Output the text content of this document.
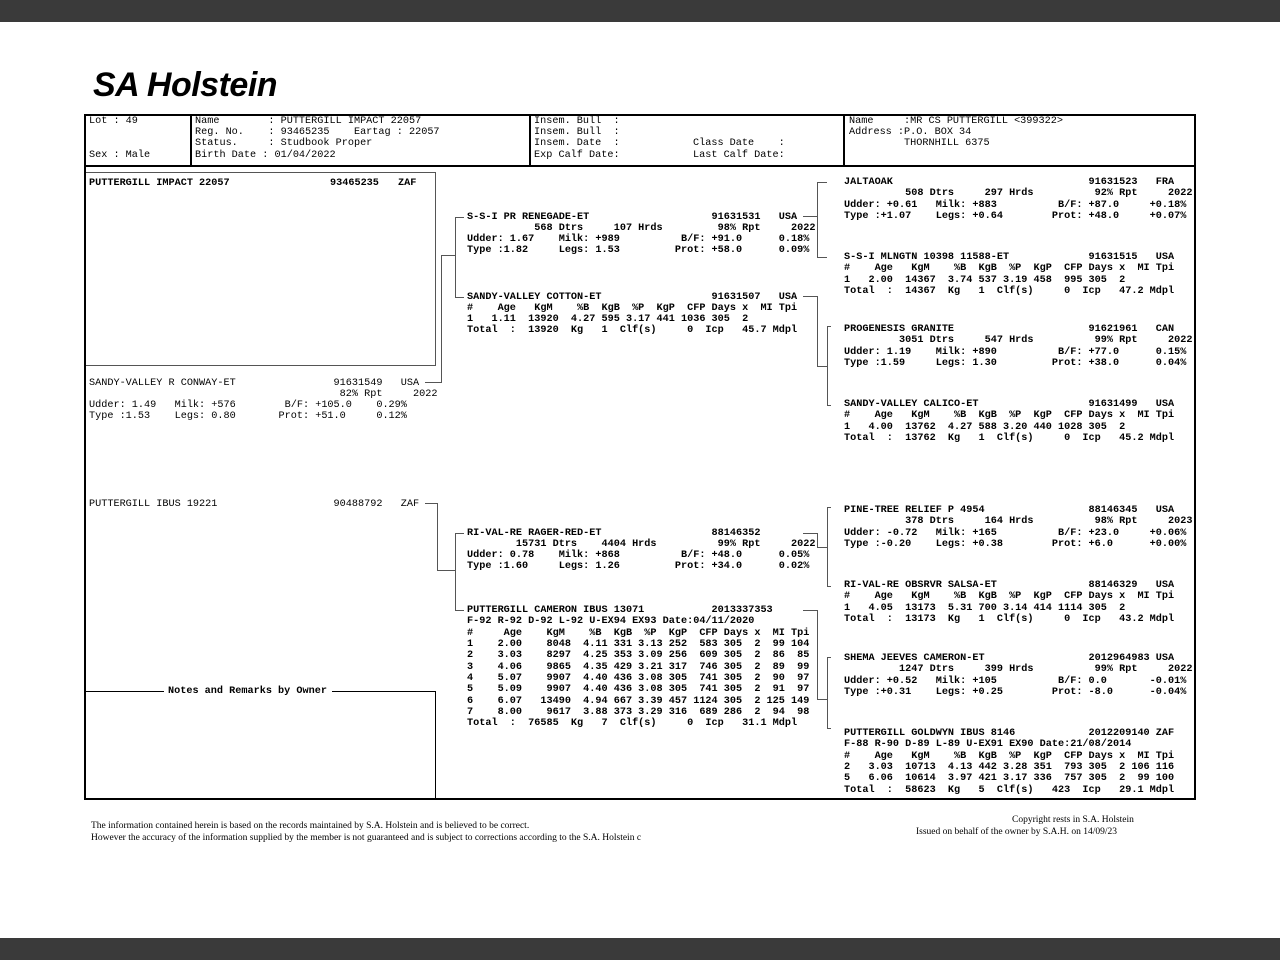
SA Holstein
Lot : 49
Sex : Male
Name        : PUTTERGILL IMPACT 22057
Reg. No.    : 93465235    Eartag : 22057
Status.     : Studbook Proper
Birth Date : 01/04/2022
Insem. Bull  :
Insem. Bull  :
Insem. Date  :	Class Date    :
Exp Calf Date:	Last Calf Date:
Name     :MR CS PUTTERGILL <399322>
Address :P.O. BOX 34
THORNHILL 6375
PUTTERGILL IMPACT 22057	93465235 ZAF
SANDY-VALLEY R CONWAY-ET                91631549   USA
82% Rpt     2022
Udder: 1.49   Milk: +576        B/F: +105.0    0.29%
Type :1.53    Legs: 0.80       Prot: +51.0     0.12%
PUTTERGILL IBUS 19221                   90488792   ZAF
S-S-I PR RENEGADE-ET                    91631531   USA
568 Dtrs     107 Hrds         98% Rpt     2022
Udder: 1.67    Milk: +989          B/F: +91.0      0.18%
Type :1.82     Legs: 1.53         Prot: +58.0      0.09%
SANDY-VALLEY COTTON-ET                  91631507   USA
#    Age   KgM    %B  KgB  %P  KgP  CFP Days x  MI Tpi
1   1.11  13920  4.27 595 3.17 441 1036 305  2
Total  :  13920  Kg   1  Clf(s)     0  Icp   45.7 Mdpl
RI-VAL-RE RAGER-RED-ET                  88146352
15731 Dtrs    4404 Hrds          99% Rpt     2022
Udder: 0.78    Milk: +868          B/F: +48.0      0.05%
Type :1.60     Legs: 1.26         Prot: +34.0      0.02%
PUTTERGILL CAMERON IBUS 13071           2013337353
F-92 R-92 D-92 L-92 U-EX94 EX93 Date:04/11/2020
#     Age    KgM    %B  KgB  %P  KgP  CFP Days x  MI Tpi
1    2.00    8048  4.11 331 3.13 252  583 305  2  99 104
2    3.03    8297  4.25 353 3.09 256  609 305  2  86  85
3    4.06    9865  4.35 429 3.21 317  746 305  2  89  99
4    5.07    9907  4.40 436 3.08 305  741 305  2  90  97
5    5.09    9907  4.40 436 3.08 305  741 305  2  91  97
6    6.07   13490  4.94 667 3.39 457 1124 305  2 125 149
7    8.00    9617  3.88 373 3.29 316  689 286  2  94  98
Total  :  76585  Kg   7  Clf(s)     0  Icp   31.1 Mdpl
JALTAOAK                                91631523   FRA
508 Dtrs     297 Hrds          92% Rpt     2022
Udder: +0.61   Milk: +883          B/F: +87.0     +0.18%
Type :+1.07    Legs: +0.64        Prot: +48.0     +0.07%
S-S-I MLNGTN 10398 11588-ET             91631515   USA
#    Age   KgM    %B  KgB  %P  KgP  CFP Days x  MI Tpi
1   2.00  14367  3.74 537 3.19 458  995 305  2
Total  :  14367  Kg   1  Clf(s)     0  Icp   47.2 Mdpl
PROGENESIS GRANITE                      91621961   CAN
3051 Dtrs     547 Hrds          99% Rpt     2022
Udder: 1.19    Milk: +890          B/F: +77.0      0.15%
Type :1.59     Legs: 1.30         Prot: +38.0      0.04%
SANDY-VALLEY CALICO-ET                  91631499   USA
#    Age   KgM    %B  KgB  %P  KgP  CFP Days x  MI Tpi
1   4.00  13762  4.27 588 3.20 440 1028 305  2
Total  :  13762  Kg   1  Clf(s)     0  Icp   45.2 Mdpl
PINE-TREE RELIEF P 4954                 88146345   USA
378 Dtrs     164 Hrds          98% Rpt     2023
Udder: -0.72   Milk: +165          B/F: +23.0     +0.06%
Type :-0.20    Legs: +0.38        Prot: +6.0      +0.00%
RI-VAL-RE OBSRVR SALSA-ET               88146329   USA
#    Age   KgM    %B  KgB  %P  KgP  CFP Days x  MI Tpi
1   4.05  13173  5.31 700 3.14 414 1114 305  2
Total  :  13173  Kg   1  Clf(s)     0  Icp   43.2 Mdpl
SHEMA JEEVES CAMERON-ET                 2012964983 USA
1247 Dtrs     399 Hrds          99% Rpt     2022
Udder: +0.52   Milk: +105          B/F: 0.0       -0.01%
Type :+0.31    Legs: +0.25        Prot: -8.0      -0.04%
PUTTERGILL GOLDWYN IBUS 8146            2012209140 ZAF
F-88 R-90 D-89 L-89 U-EX91 EX90 Date:21/08/2014
#    Age   KgM    %B  KgB  %P  KgP  CFP Days x  MI Tpi
2   3.03  10713  4.13 442 3.28 351  793 305  2 106 116
5   6.06  10614  3.97 421 3.17 336  757 305  2  99 100
Total  :  58623  Kg   5  Clf(s)   423  Icp   29.1 Mdpl
Notes and Remarks by Owner
The information contained herein is based on the records maintained by S.A. Holstein and is believed to be correct.
However the accuracy of the information supplied by the member is not guaranteed and is subject to corrections according to the S.A. Holstein c
Copyright rests in S.A. Holstein
Issued on behalf of the owner by S.A.H. on 14/09/23
